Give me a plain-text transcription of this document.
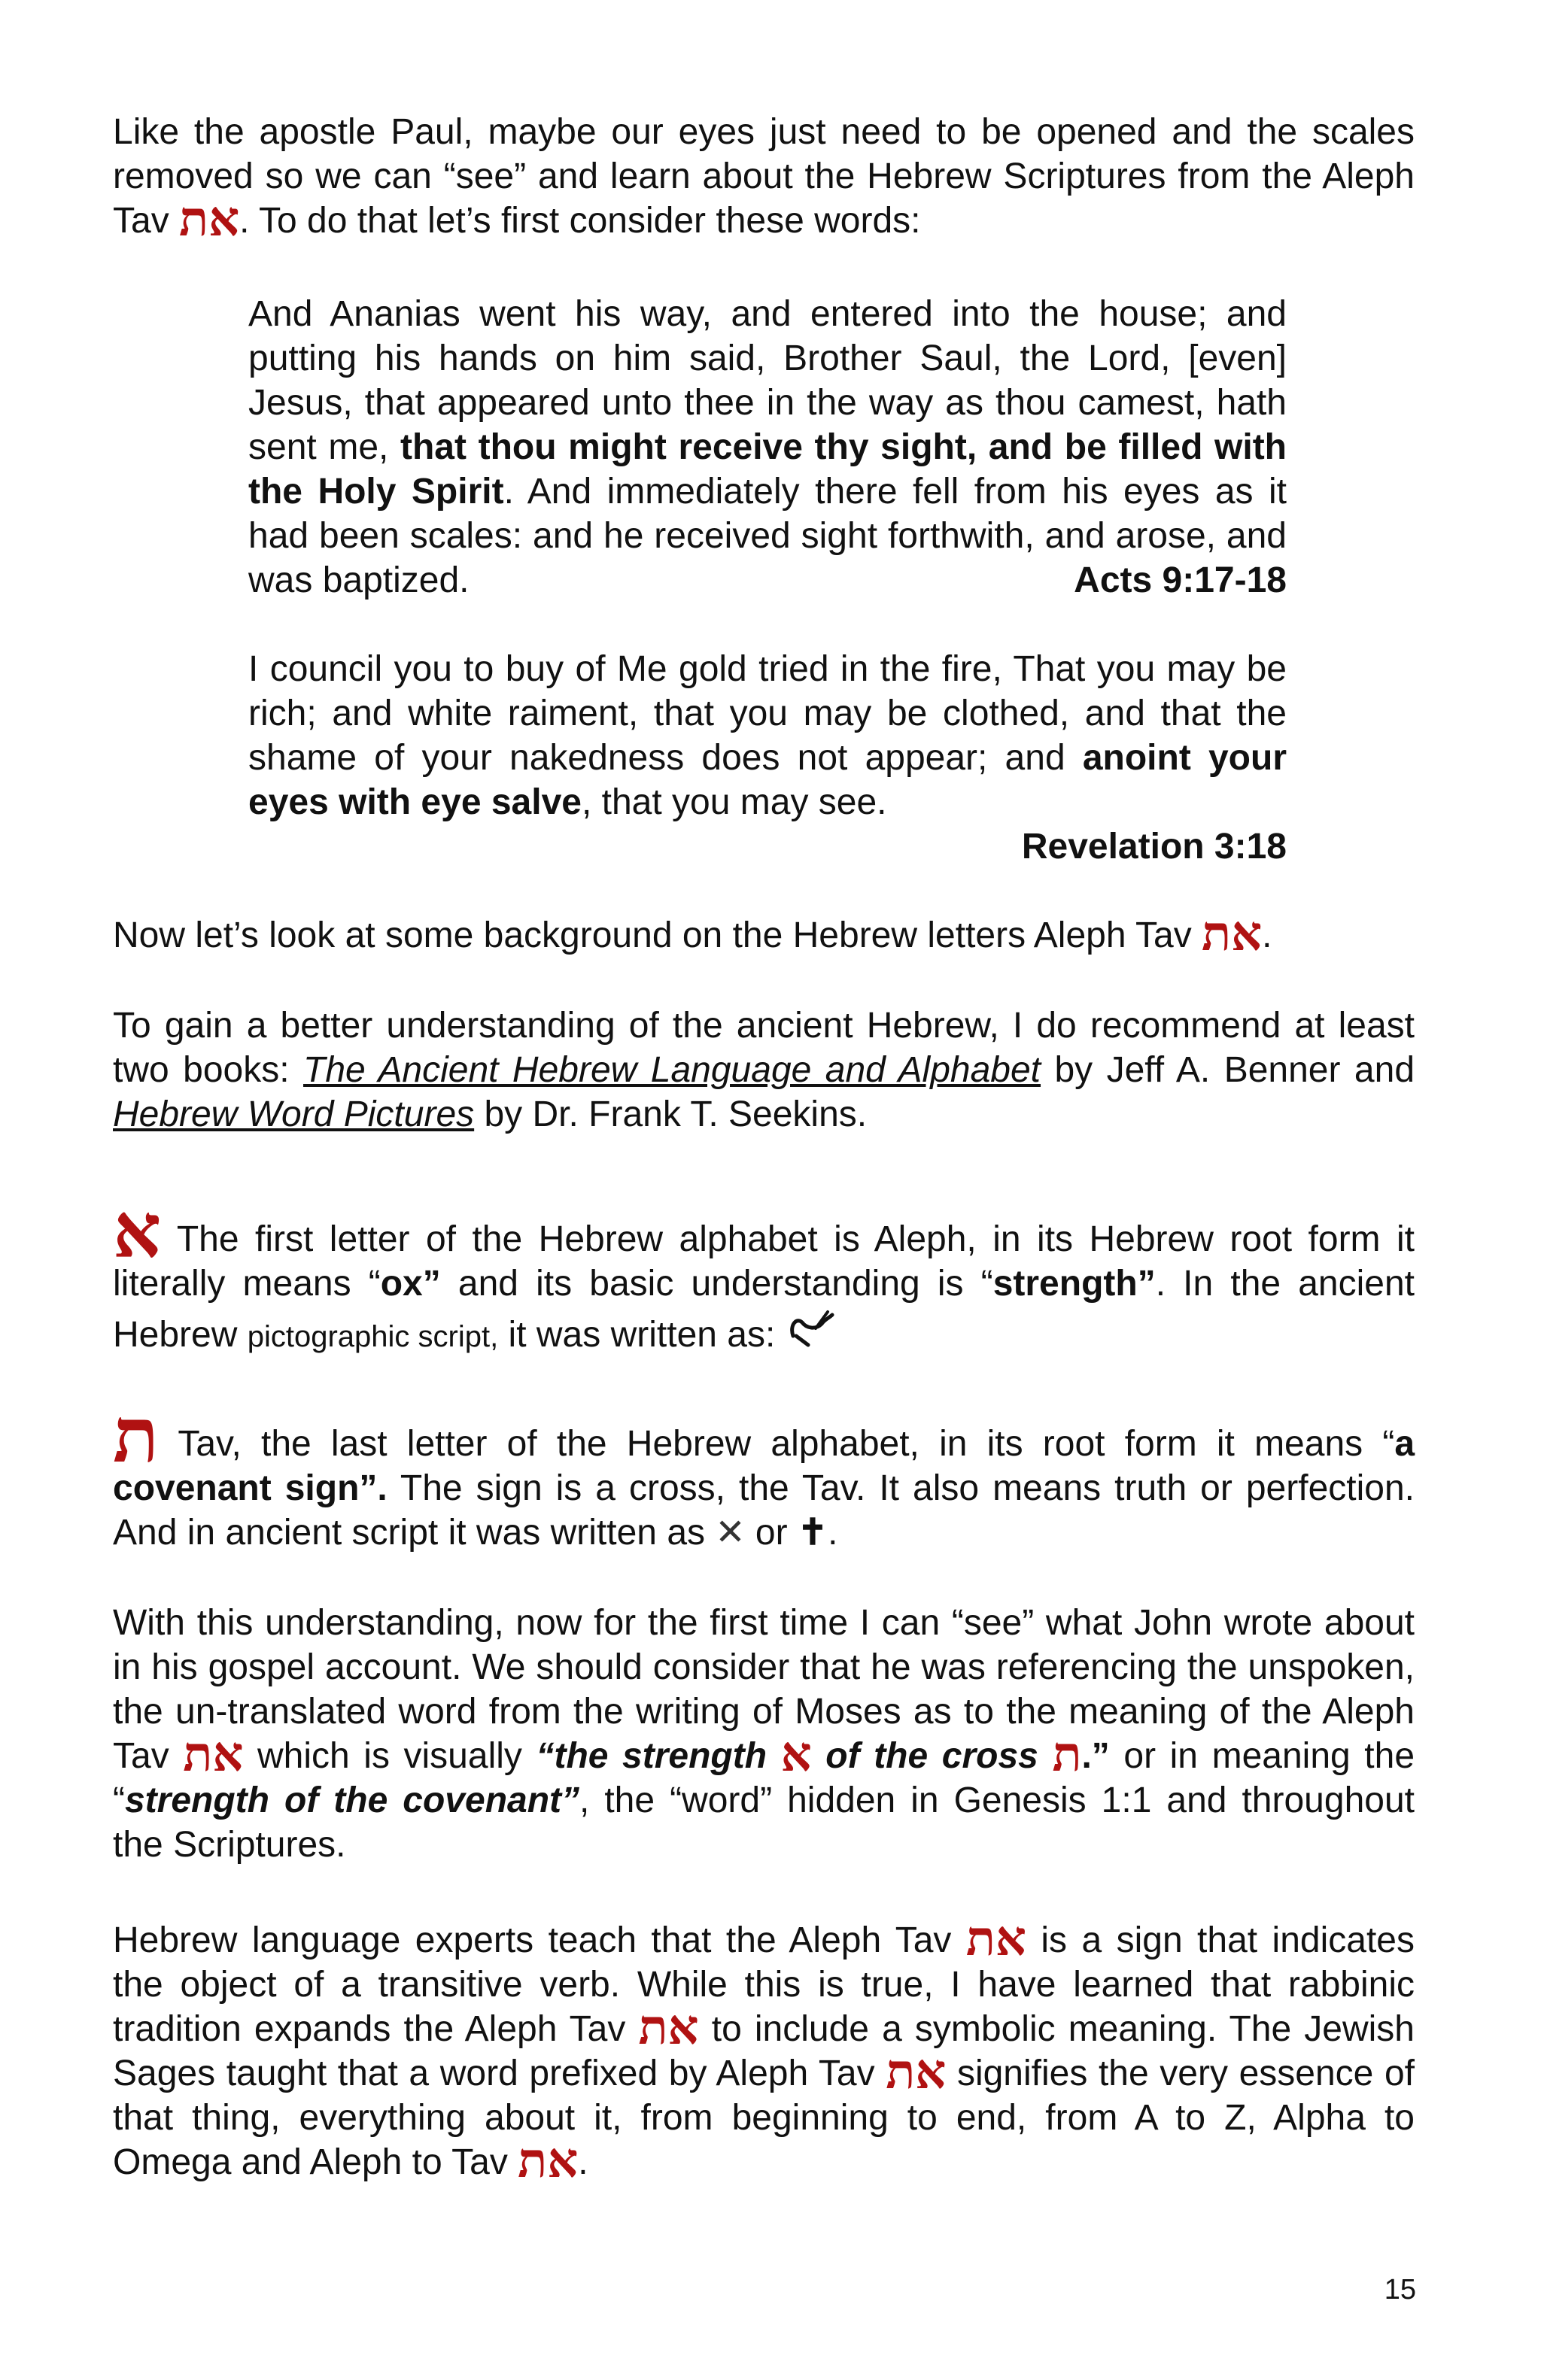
Like the apostle Paul, maybe our eyes just need to be opened and the scales removed so we can “see” and learn about the Hebrew Scriptures from the Aleph Tav את. To do that let’s first consider these words:

And Ananias went his way, and entered into the house; and putting his hands on him said, Brother Saul, the Lord, [even] Jesus, that appeared unto thee in the way as thou camest, hath sent me, that thou might receive thy sight, and be filled with the Holy Spirit. And immediately there fell from his eyes as it had been scales: and he received sight forthwith, and arose, and was baptized.	Acts 9:17-18
I council you to buy of Me gold tried in the fire, That you may be rich; and white raiment, that you may be clothed, and that the shame of your nakedness does not appear; and anoint your eyes with eye salve, that you may see.
Revelation 3:18

Now let’s look at some background on the Hebrew letters Aleph Tav את.

To gain a better understanding of the ancient Hebrew, I do recommend at least two books: The Ancient Hebrew Language and Alphabet by Jeff A. Benner and Hebrew Word Pictures by Dr. Frank T. Seekins.

א The first letter of the Hebrew alphabet is Aleph, in its Hebrew root form it literally means “ox” and its basic understanding is “strength”. In the ancient Hebrew pictographic script, it was written as:

ת Tav, the last letter of the Hebrew alphabet, in its root form it means “a covenant sign”. The sign is a cross, the Tav. It also means truth or perfection. And in ancient script it was written as ✕ or ✝.

With this understanding, now for the first time I can “see” what John wrote about in his gospel account. We should consider that he was referencing the unspoken, the un-translated word from the writing of Moses as to the meaning of the Aleph Tav את which is visually “the strength א of the cross ת.” or in meaning the “strength of the covenant”, the “word” hidden in Genesis 1:1 and throughout the Scriptures.

Hebrew language experts teach that the Aleph Tav את is a sign that indicates the object of a transitive verb. While this is true, I have learned that rabbinic tradition expands the Aleph Tav את to include a symbolic meaning. The Jewish Sages taught that a word prefixed by Aleph Tav את signifies the very essence of that thing, everything about it, from beginning to end, from A to Z, Alpha to Omega and Aleph to Tav את.

15
